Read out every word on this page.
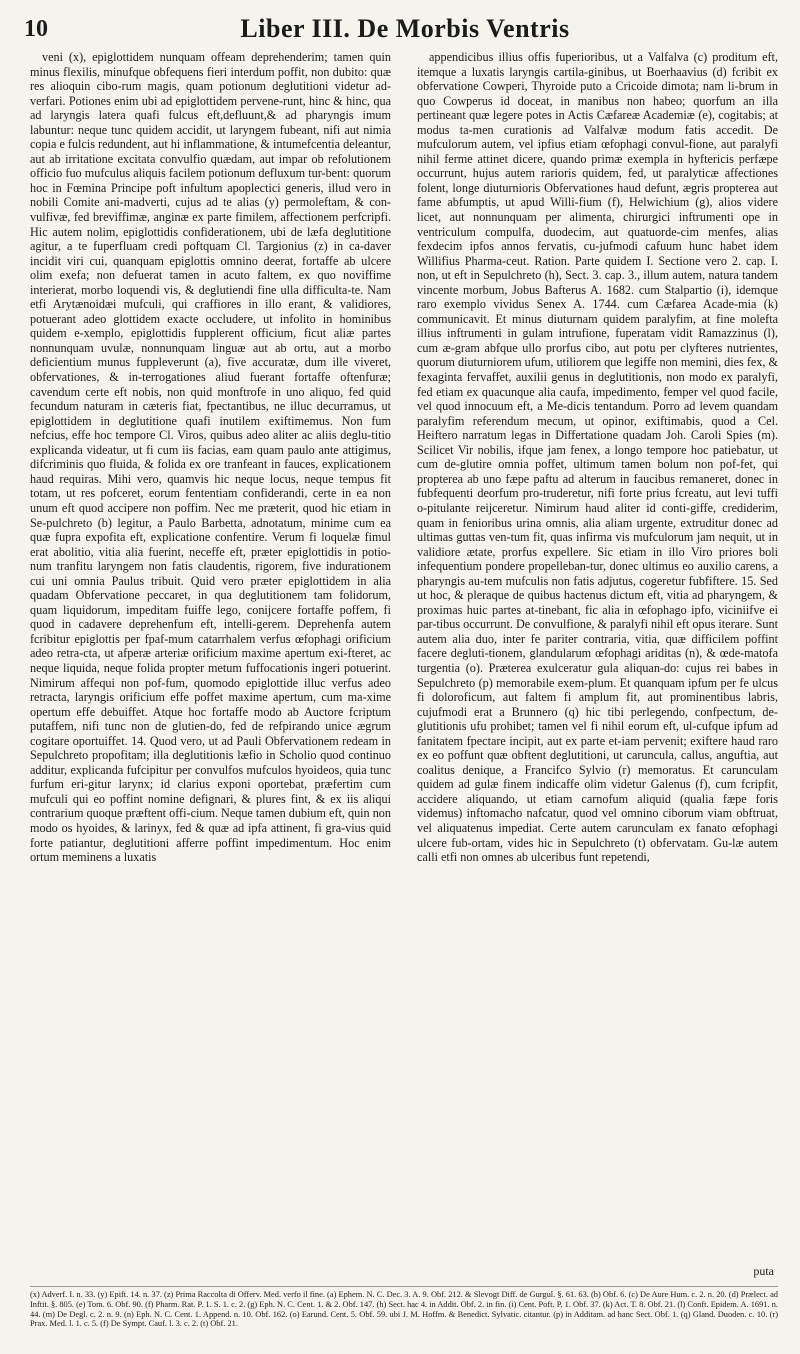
10	Liber III. De Morbis Ventris

veni (x), epiglottidem nunquam offeam deprehenderim; tamen quin minus flexilis, minufque obfequens fieri interdum poffit, non dubito: quæ res alioquin cibo-rum magis, quam potionum deglutitioni videtur ad-verfari. Potiones enim ubi ad epiglottidem pervene-runt, hinc & hinc, qua ad laryngis latera quafi fulcus eft,defluunt,& ad pharyngis imum labuntur: neque tunc quidem accidit, ut laryngem fubeant, nifi aut nimia copia e fulcis redundent, aut hi inflammatione, & intumefcentia deleantur, aut ab irritatione excitata convulfio quædam, aut impar ob refolutionem officio fuo mufculus aliquis facilem potionum defluxum tur-bent: quorum hoc in Fœmina Principe poft infultum apoplectici generis, illud vero in nobili Comite ani-madverti, cujus ad te alias (y) permoleftam, & con-vulfivæ, fed breviffimæ, anginæ ex parte fimilem, affectionem perfcripfi. Hic autem nolim, epiglottidis confiderationem, ubi de læfa deglutitione agitur, a te fuperfluam credi poftquam Cl. Targionius (z) in ca-daver incidit viri cui, quanquam epiglottis omnino deerat, fortaffe ab ulcere olim exefa; non defuerat tamen in acuto faltem, ex quo noviffime interierat, morbo loquendi vis, & deglutiendi fine ulla difficulta-te. Nam etfi Arytænoidæi mufculi, qui craffiores in illo erant, & validiores, potuerant adeo glottidem exacte occludere, ut infolito in hominibus quidem e-xemplo, epiglottidis fupplerent officium, ficut aliæ partes nonnunquam uvulæ, nonnunquam linguæ aut ab ortu, aut a morbo deficientium munus fuppleverunt (a), five accuratæ, dum ille viveret, obfervationes, & in-terrogationes aliud fuerant fortaffe oftenfuræ; cavendum certe eft nobis, non quid monftrofe in uno aliquo, fed quid fecundum naturam in cæteris fiat, fpectantibus, ne illuc decurramus, ut epiglottidem in deglutitione quafi inutilem exiftimemus. Non fum nefcius, effe hoc tempore Cl. Viros, quibus adeo aliter ac aliis deglu-titio explicanda videatur, ut fi cum iis facias, eam quam paulo ante attigimus, difcriminis quo fluida, & folida ex ore tranfeant in fauces, explicationem haud requiras. Mihi vero, quamvis hic neque locus, neque tempus fit totam, ut res pofceret, eorum fententiam confiderandi, certe in ea non unum eft quod accipere non poffim. Nec me præterit, quod hic etiam in Se-pulchreto (b) legitur, a Paulo Barbetta, adnotatum, minime cum ea quæ fupra expofita eft, explicatione confentire. Verum fi loquelæ fimul erat abolitio, vitia alia fuerint, neceffe eft, præter epiglottidis in potio-num tranfitu laryngem non fatis claudentis, rigorem, five indurationem cui uni omnia Paulus tribuit. Quid vero præter epiglottidem in alia quadam Obfervatione peccaret, in qua deglutitionem tam folidorum, quam liquidorum, impeditam fuiffe lego, conijcere fortaffe poffem, fi quod in cadavere deprehenfum eft, intelli-gerem. Deprehenfa autem fcribitur epiglottis per fpaf-mum catarrhalem verfus œfophagi orificium adeo retra-cta, ut afperæ arteriæ orificium maxime apertum exi-fteret, ac neque liquida, neque folida propter metum fuffocationis ingeri potuerint. Nimirum affequi non pof-fum, quomodo epiglottide illuc verfus adeo retracta, laryngis orificium effe poffet maxime apertum, cum ma-xime opertum effe debuiffet. Atque hoc fortaffe modo ab Auctore fcriptum putaffem, nifi tunc non de glutien-do, fed de refpirando unice ægrum cogitare oportuiffet. 14. Quod vero, ut ad Pauli Obfervationem redeam in Sepulchreto propofitam; illa deglutitionis læfio in Scholio quod continuo additur, explicanda fufcipitur per convulfos mufculos hyoideos, quia tunc furfum eri-gitur larynx; id clarius exponi oportebat, præfertim cum mufculi qui eo poffint nomine defignari, & plures fint, & ex iis aliqui contrarium quoque præftent offi-cium. Neque tamen dubium eft, quin non modo os hyoides, & larinyx, fed & quæ ad ipfa attinent, fi gra-vius quid forte patiantur, deglutitioni afferre poffint impedimentum. Hoc enim ortum meminens a luxatis

appendicibus illius offis fuperioribus, ut a Valfalva (c) proditum eft, itemque a luxatis laryngis cartila-ginibus, ut Boerhaavius (d) fcribit ex obfervatione Cowperi, Thyroide puto a Cricoide dimota; nam li-brum in quo Cowperus id doceat, in manibus non habeo; quorfum an illa pertineant quæ legere potes in Actis Cæfareæ Academiæ (e), cogitabis; at modus ta-men curationis ad Valfalvæ modum fatis accedit. De mufculorum autem, vel ipfius etiam œfophagi convul-fione, aut paralyfi nihil ferme attinet dicere, quando primæ exempla in hyftericis perfæpe occurrunt, hujus autem rarioris quidem, fed, ut paralyticæ affectiones folent, longe diuturnioris Obfervationes haud defunt, ægris propterea aut fame abfumptis, ut apud Willi-fium (f), Helwichium (g), alios videre licet, aut nonnunquam per alimenta, chirurgici inftrumenti ope in ventriculum compulfa, duodecim, aut quatuorde-cim menfes, alias fexdecim ipfos annos fervatis, cu-jufmodi cafuum hunc habet idem Willifius Pharma-ceut. Ration. Parte quidem I. Sectione vero 2. cap. I. non, ut eft in Sepulchreto (h), Sect. 3. cap. 3., illum autem, natura tandem vincente morbum, Jobus Bafterus A. 1682. cum Stalpartio (i), idemque raro exemplo vividus Senex A. 1744. cum Cæfarea Acade-mia (k) communicavit. Et minus diuturnam quidem paralyfim, at fine molefta illius inftrumenti in gulam intrufione, fuperatam vidit Ramazzinus (l), cum æ-gram abfque ullo prorfus cibo, aut potu per clyfteres nutrientes, quorum diuturniorem ufum, utiliorem que legiffe non memini, dies fex, & fexaginta fervaffet, auxilii genus in deglutitionis, non modo ex paralyfi, fed etiam ex quacunque alia caufa, impedimento, femper vel quod facile, vel quod innocuum eft, a Me-dicis tentandum. Porro ad levem quandam paralyfim referendum mecum, ut opinor, exiftimabis, quod a Cel. Heiftero narratum legas in Differtatione quadam Joh. Caroli Spies (m). Scilicet Vir nobilis, ifque jam fenex, a longo tempore hoc patiebatur, ut cum de-glutire omnia poffet, ultimum tamen bolum non pof-fet, qui propterea ab uno fæpe paftu ad alterum in faucibus remaneret, donec in fubfequenti deorfum pro-truderetur, nifi forte prius fcreatu, aut levi tuffi o-pitulante reijceretur. Nimirum haud aliter id conti-giffe, crediderim, quam in fenioribus urina omnis, alia aliam urgente, extruditur donec ad ultimas guttas ven-tum fit, quas infirma vis mufculorum jam nequit, ut in validiore ætate, prorfus expellere. Sic etiam in illo Viro priores boli infequentium pondere propelleban-tur, donec ultimus eo auxilio carens, a pharyngis au-tem mufculis non fatis adjutus, cogeretur fubfiftere. 15. Sed ut hoc, & pleraque de quibus hactenus dictum eft, vitia ad pharyngem, & proximas huic partes at-tinebant, fic alia in œfophago ipfo, viciniifve ei par-tibus occurrunt. De convulfione, & paralyfi nihil eft opus iterare. Sunt autem alia duo, inter fe pariter contraria, vitia, quæ difficilem poffint facere degluti-tionem, glandularum œfophagi ariditas (n), & œde-matofa turgentia (o). Præterea exulceratur gula aliquan-do: cujus rei babes in Sepulchreto (p) memorabile exem-plum. Et quanquam ipfum per fe ulcus fi doloroficum, aut faltem fi amplum fit, aut prominentibus labris, cujufmodi erat a Brunnero (q) hic tibi perlegendo, confpectum, de-glutitionis ufu prohibet; tamen vel fi nihil eorum eft, ul-cufque ipfum ad fanitatem fpectare incipit, aut ex parte et-iam pervenit; exiftere haud raro ex eo poffunt quæ obftent deglutitioni, ut caruncula, callus, anguftia, aut coalitus denique, a Francifco Sylvio (r) memoratus. Et carunculam quidem ad gulæ finem indicaffe olim videtur Galenus (f), cum fcripfit, accidere aliquando, ut etiam carnofum aliquid (qualia fæpe foris videmus) inftomacho nafcatur, quod vel omnino ciborum viam obftruat, vel aliquatenus impediat. Certe autem carunculam ex fanato œfophagi ulcere fub-ortam, vides hic in Sepulchreto (t) obfervatam. Gu-læ autem calli etfi non omnes ab ulceribus funt repetendi,

puta
(x) Adverf. I. n. 33. (y) Epift. 14. n. 37. (z) Prima Raccolta di Offerv. Med. verfo il fine. (a) Ephem. N. C. Dec. 3. A. 9. Obf. 212. & Slevogt Diff. de Gurgul. §. 61. 63. (b) Obf. 6. (c) De Aure Hum. c. 2. n. 20. (d) Prælect. ad Inftit. §. 805. (e) Tom. 6. Obf. 90. (f) Pharm. Rat. P. 1. S. 1. c. 2. (g) Eph. N. C. Cent. 1. & 2. Obf. 147. (h) Sect. hac 4. in Addit. Obf. 2. in fin. (i) Cent. Poft. P. 1. Obf. 37. (k) Act. T. 8. Obf. 21. (l) Conft. Epidem. A. 1691. n. 44. (m) De Degl. c. 2. n. 9. (n) Eph. N. C. Cent. 1. Append. n. 10. Obf. 162. (o) Earund. Cent. 5. Obf. 59. ubi J. M. Hoffm. & Benedict. Sylvatic. citantur. (p) in Additam. ad hanc Sect. Obf. 1. (q) Gland. Duoden. c. 10. (r) Prax. Med. l. 1. c. 5. (f) De Sympt. Cauf. l. 3. c. 2. (t) Obf. 21.
